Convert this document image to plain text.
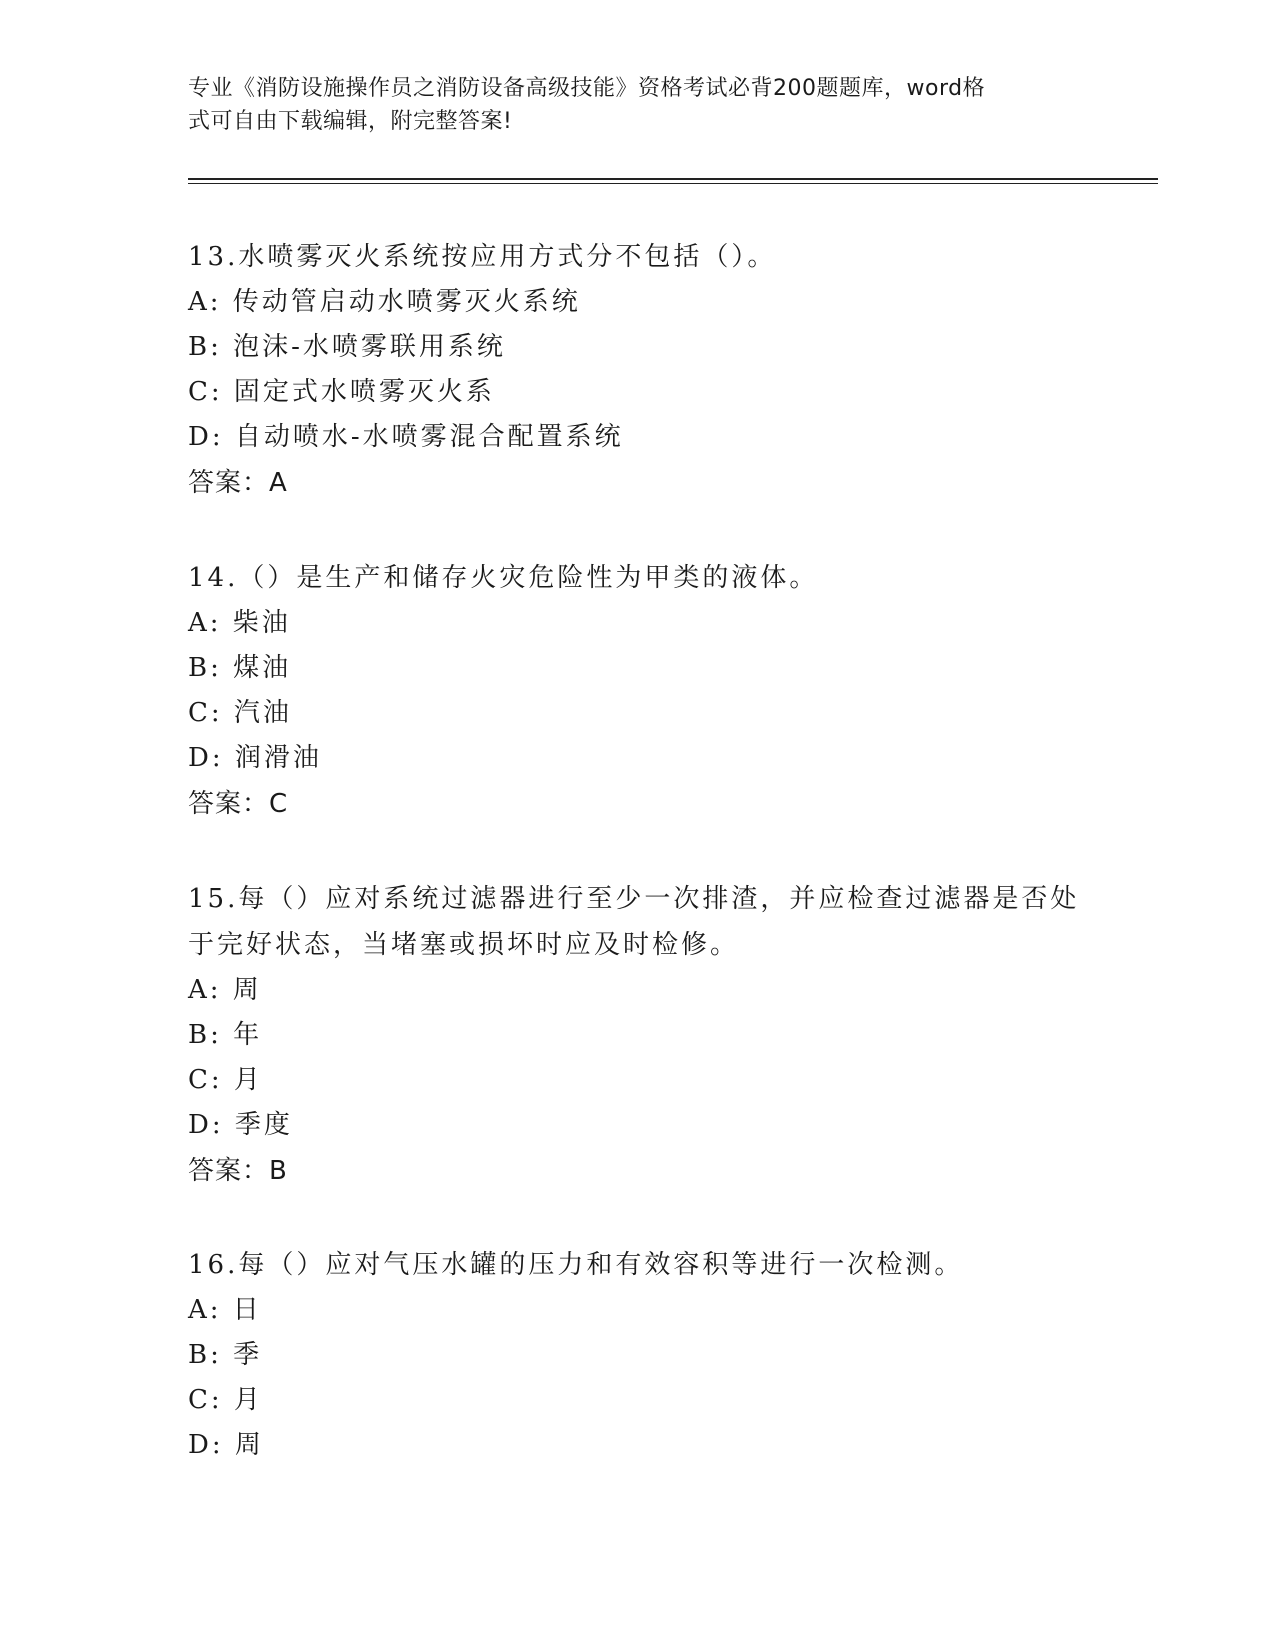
专业《消防设施操作员之消防设备高级技能》资格考试必背200题题库，word格
式可自由下载编辑，附完整答案!

13.水喷雾灭火系统按应用方式分不包括（）。

A: 传动管启动水喷雾灭火系统

B: 泡沫-水喷雾联用系统

C: 固定式水喷雾灭火系

D: 自动喷水-水喷雾混合配置系统

答案：A

14.（）是生产和储存火灾危险性为甲类的液体。

A: 柴油

B: 煤油

C: 汽油

D: 润滑油

答案：C

15.每（）应对系统过滤器进行至少一次排渣，并应检查过滤器是否处

于完好状态，当堵塞或损坏时应及时检修。

A: 周

B: 年

C: 月

D: 季度

答案：B

16.每（）应对气压水罐的压力和有效容积等进行一次检测。

A: 日

B: 季

C: 月

D: 周
